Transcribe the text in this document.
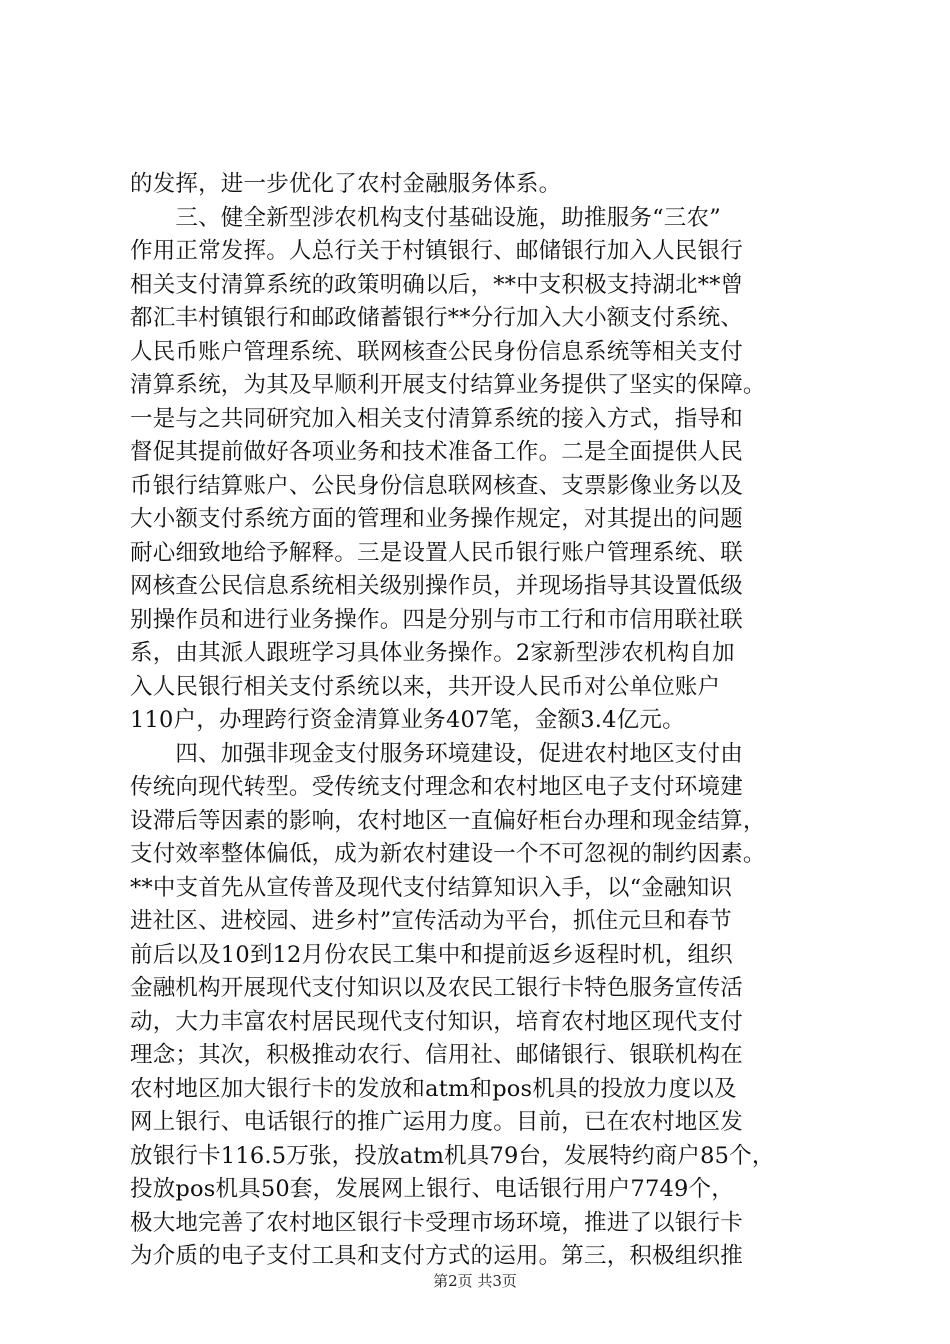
的发挥，进一步优化了农村金融服务体系。
　　三、健全新型涉农机构支付基础设施，助推服务“三农”
作用正常发挥。人总行关于村镇银行、邮储银行加入人民银行
相关支付清算系统的政策明确以后，**中支积极支持湖北**曾
都汇丰村镇银行和邮政储蓄银行**分行加入大小额支付系统、
人民币账户管理系统、联网核查公民身份信息系统等相关支付
清算系统，为其及早顺利开展支付结算业务提供了坚实的保障。
一是与之共同研究加入相关支付清算系统的接入方式，指导和
督促其提前做好各项业务和技术准备工作。二是全面提供人民
币银行结算账户、公民身份信息联网核查、支票影像业务以及
大小额支付系统方面的管理和业务操作规定，对其提出的问题
耐心细致地给予解释。三是设置人民币银行账户管理系统、联
网核查公民信息系统相关级别操作员，并现场指导其设置低级
别操作员和进行业务操作。四是分别与市工行和市信用联社联
系，由其派人跟班学习具体业务操作。2家新型涉农机构自加
入人民银行相关支付系统以来，共开设人民币对公单位账户
110户，办理跨行资金清算业务407笔，金额3.4亿元。
　　四、加强非现金支付服务环境建设，促进农村地区支付由
传统向现代转型。受传统支付理念和农村地区电子支付环境建
设滞后等因素的影响，农村地区一直偏好柜台办理和现金结算，
支付效率整体偏低，成为新农村建设一个不可忽视的制约因素。
**中支首先从宣传普及现代支付结算知识入手，以“金融知识
进社区、进校园、进乡村”宣传活动为平台，抓住元旦和春节
前后以及10到12月份农民工集中和提前返乡返程时机，组织
金融机构开展现代支付知识以及农民工银行卡特色服务宣传活
动，大力丰富农村居民现代支付知识，培育农村地区现代支付
理念；其次，积极推动农行、信用社、邮储银行、银联机构在
农村地区加大银行卡的发放和atm和pos机具的投放力度以及
网上银行、电话银行的推广运用力度。目前，已在农村地区发
放银行卡116.5万张，投放atm机具79台，发展特约商户85个，
投放pos机具50套，发展网上银行、电话银行用户7749个，
极大地完善了农村地区银行卡受理市场环境，推进了以银行卡
为介质的电子支付工具和支付方式的运用。第三，积极组织推
第2页 共3页
